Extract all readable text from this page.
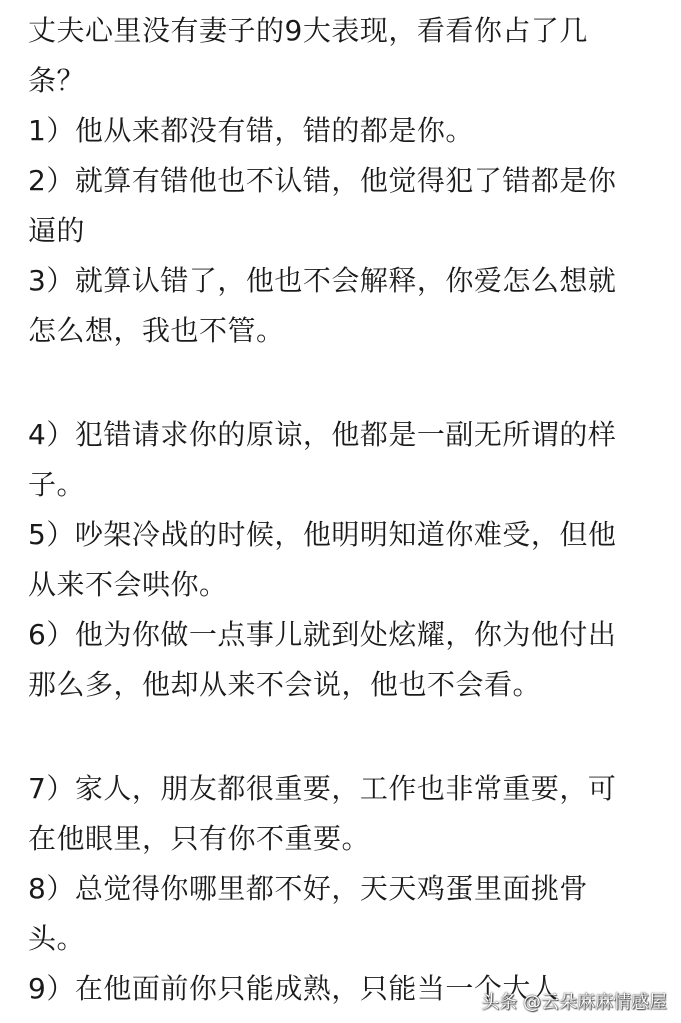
丈夫心里没有妻子的9大表现，看看你占了几
条？
1）他从来都没有错，错的都是你。
2）就算有错他也不认错，他觉得犯了错都是你
逼的
3）就算认错了，他也不会解释，你爱怎么想就
怎么想，我也不管。
4）犯错请求你的原谅，他都是一副无所谓的样
子。
5）吵架冷战的时候，他明明知道你难受，但他
从来不会哄你。
6）他为你做一点事儿就到处炫耀，你为他付出
那么多，他却从来不会说，他也不会看。
7）家人，朋友都很重要，工作也非常重要，可
在他眼里，只有你不重要。
8）总觉得你哪里都不好，天天鸡蛋里面挑骨
头。
9）在他面前你只能成熟，只能当一个大人
头条 @云朵麻麻情感屋
